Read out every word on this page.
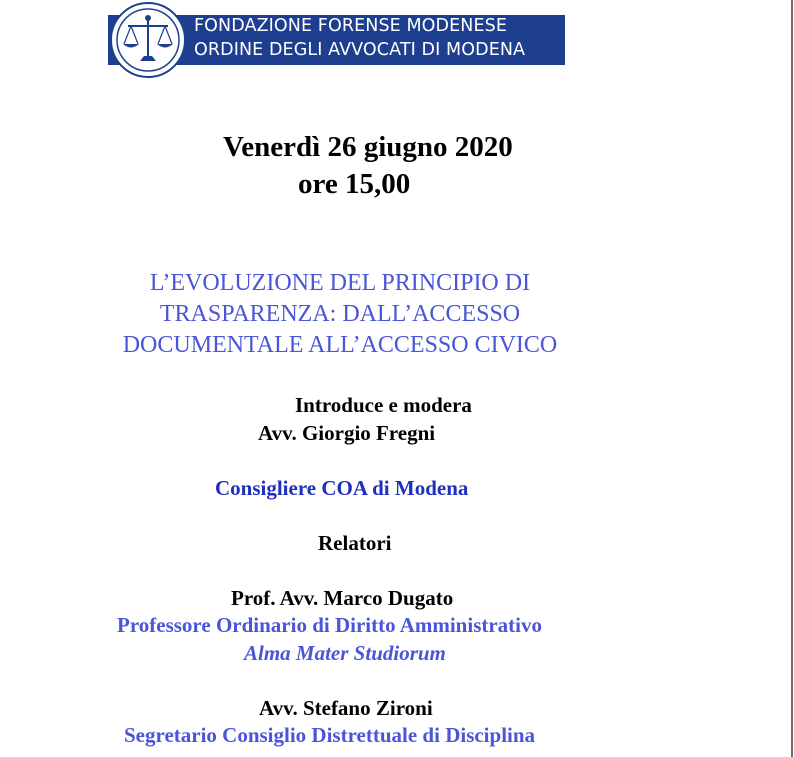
FONDAZIONE FORENSE MODENESE
ORDINE DEGLI AVVOCATI DI MODENA
Venerdì 26 giugno 2020
ore 15,00
L’EVOLUZIONE DEL PRINCIPIO DI
TRASPARENZA: DALL’ACCESSO
DOCUMENTALE ALL’ACCESSO CIVICO
Introduce e modera
Avv. Giorgio Fregni
Consigliere COA di Modena
Relatori
Prof. Avv. Marco Dugato
Professore Ordinario di Diritto Amministrativo
Alma Mater Studiorum
Avv. Stefano Zironi
Segretario Consiglio Distrettuale di Disciplina
